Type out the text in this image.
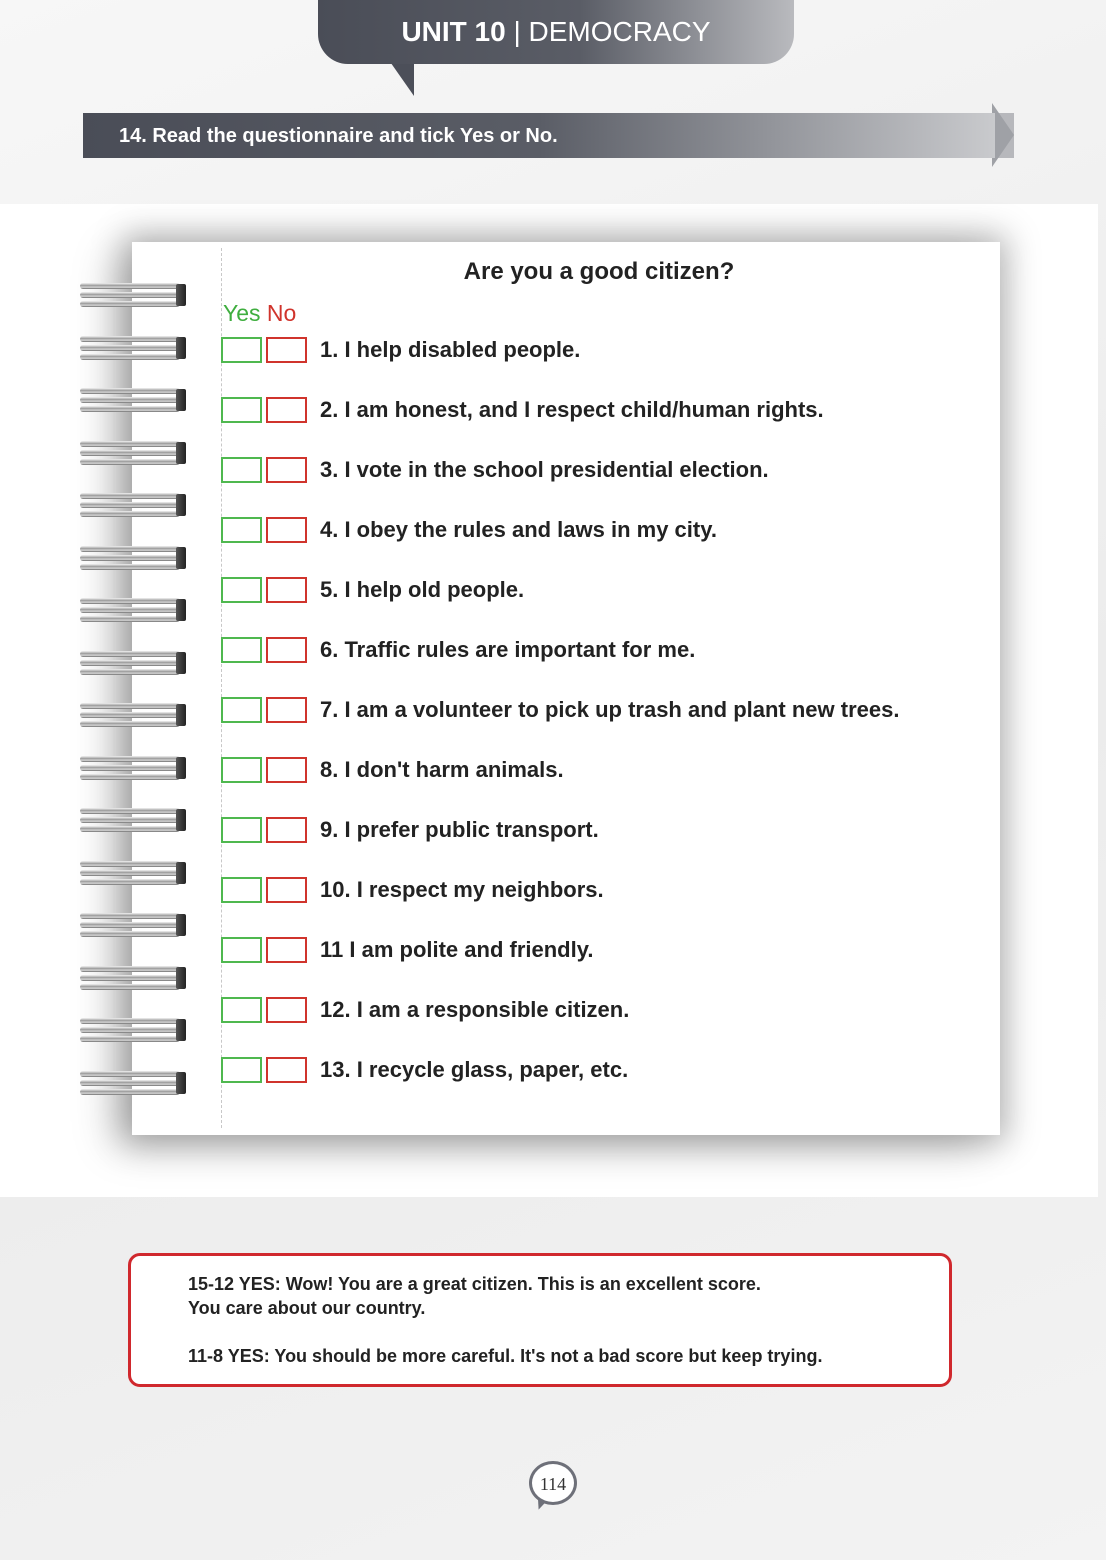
UNIT 10 | DEMOCRACY
14. Read the questionnaire and tick Yes or No.
Are you a good citizen?
Yes No
1. I help disabled people.
2. I am honest, and I respect child/human rights.
3. I vote in the school presidential election.
4. I obey the rules and laws in my city.
5. I help old people.
6. Traffic rules are important for me.
7. I am a volunteer to pick up trash and plant new trees.
8. I don't harm animals.
9. I prefer public transport.
10. I respect my neighbors.
11 I am polite and friendly.
12. I am a responsible citizen.
13. I recycle glass, paper, etc.

15-12 YES: Wow! You are a great citizen. This is an excellent score.

You care about our country.

11-8 YES: You should be more careful. It's not a bad score but keep trying.

114
